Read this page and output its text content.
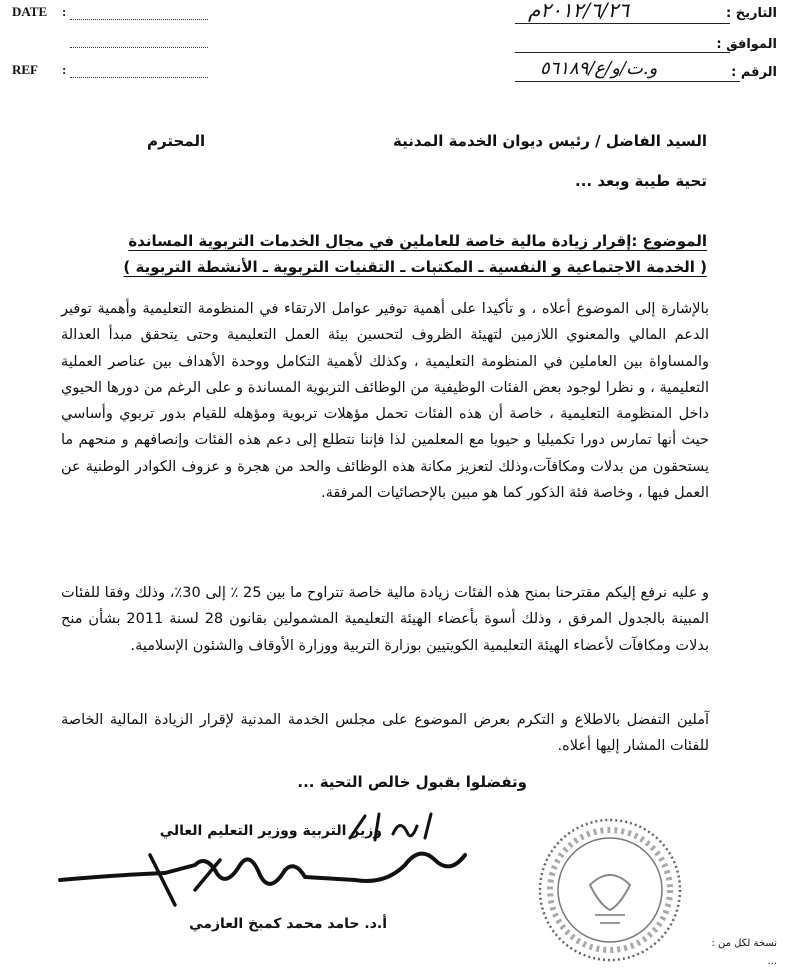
DATE :
REF :
التاريخ :
٢٠١٢/٦/٢٦م
الموافق :
الرقم :
و.ت/و/ع/٥٦١٨٩
السيد الفاضل / رئيس ديوان الخدمة المدنية
المحترم
تحية طيبة وبعد ...
الموضوع :إقرار زيادة مالية خاصة للعاملين في مجال الخدمات التربوية المساندة
( الخدمة الاجتماعية و النفسية ـ المكتبات ـ التقنيات التربوية ـ الأنشطة التربوية )
بالإشارة إلى الموضوع أعلاه ، و تأكيدا على أهمية توفير عوامل الارتقاء في المنظومة التعليمية وأهمية توفير الدعم المالي والمعنوي اللازمين لتهيئة الظروف لتحسين بيئة العمل التعليمية وحتى يتحقق مبدأ العدالة والمساواة بين العاملين في المنظومة التعليمية ، وكذلك لأهمية التكامل ووحدة الأهداف بين عناصر العملية التعليمية ، و نظرا لوجود بعض الفئات الوظيفية من الوظائف التربوية المساندة و على الرغم من دورها الحيوي داخل المنظومة التعليمية ، خاصة أن هذه الفئات تحمل مؤهلات تربوية ومؤهله للقيام بدور تربوي وأساسي حيث أنها تمارس دورا تكميليا و حيويا مع المعلمين لذا فإننا نتطلع إلى دعم هذه الفئات وإنصافهم و منحهم ما يستحقون من بدلات ومكافآت،وذلك لتعزيز مكانة هذه الوظائف والحد من هجرة و عزوف الكوادر الوطنية عن العمل فيها ، وخاصة فئة الذكور كما هو مبين بالإحصائيات المرفقة.
و عليه نرفع إليكم مقترحنا بمنح هذه الفئات زيادة مالية خاصة تتراوح ما بين 25 ٪ إلى 30٪، وذلك وفقا للفئات المبينة بالجدول المرفق ، وذلك أسوة بأعضاء الهيئة التعليمية المشمولين بقانون 28 لسنة 2011 بشأن منح بدلات ومكافآت لأعضاء الهيئة التعليمية الكويتيين بوزارة التربية ووزارة الأوقاف والشئون الإسلامية.
آملين التفضل بالاطلاع و التكرم بعرض الموضوع على مجلس الخدمة المدنية لإقرار الزيادة المالية الخاصة للفئات المشار إليها أعلاه.
وتفضلوا بقبول خالص التحية ...
وزير التربية ووزير التعليم العالي
أ.د. حامد محمد كمبخ العازمي
نسخة لكل من :
...
